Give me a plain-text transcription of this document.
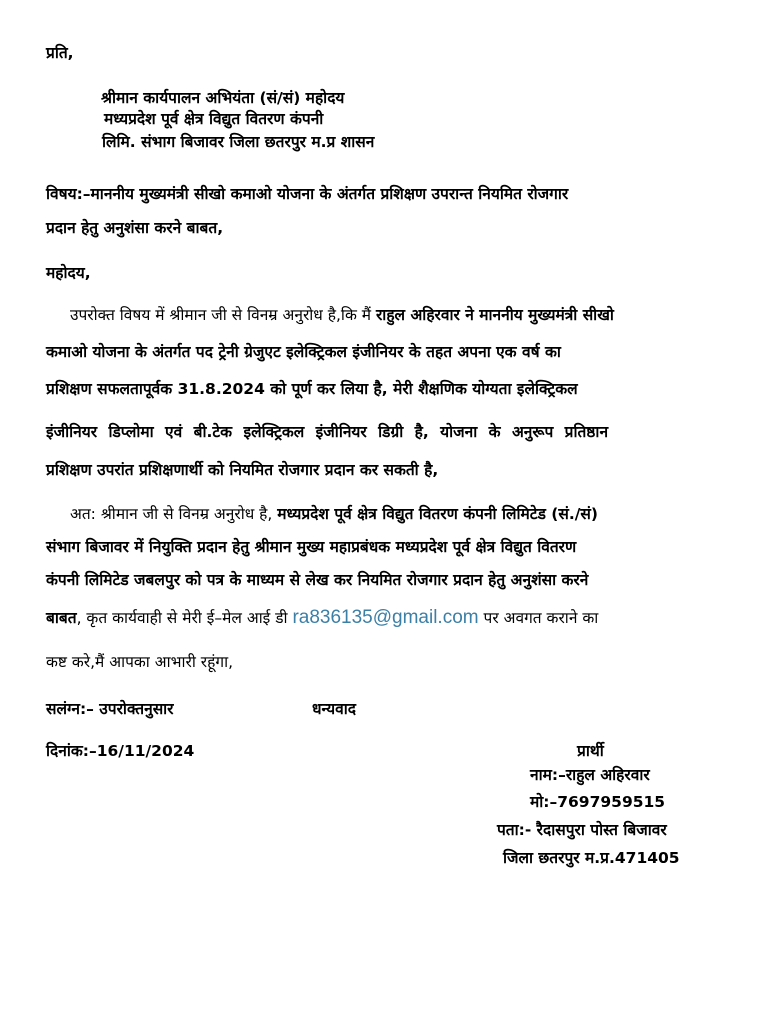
प्रति,
श्रीमान कार्यपालन अभियंता (सं/सं) महोदय
मध्यप्रदेश पूर्व क्षेत्र विद्युत वितरण कंपनी
लिमि. संभाग बिजावर जिला छतरपुर म.प्र शासन
विषय:–माननीय मुख्यमंत्री सीखो कमाओ योजना के अंतर्गत प्रशिक्षण उपरान्त नियमित रोजगार
प्रदान हेतु अनुशंसा करने बाबत,
महोदय,
उपरोक्त विषय में श्रीमान जी से विनम्र अनुरोध है,कि मैं राहुल अहिरवार ने माननीय मुख्यमंत्री सीखो
कमाओ योजना के अंतर्गत पद ट्रेनी ग्रेजुएट इलेक्ट्रिकल इंजीनियर के तहत अपना एक वर्ष का
प्रशिक्षण सफलतापूर्वक 31.8.2024 को पूर्ण कर लिया है, मेरी शैक्षणिक योग्यता इलेक्ट्रिकल
इंजीनियर डिप्लोमा एवं बी.टेक इलेक्ट्रिकल इंजीनियर डिग्री है, योजना के अनुरूप प्रतिष्ठान
प्रशिक्षण उपरांत प्रशिक्षणार्थी को नियमित रोजगार प्रदान कर सकती है,
अत: श्रीमान जी से विनम्र अनुरोध है, मध्यप्रदेश पूर्व क्षेत्र विद्युत वितरण कंपनी लिमिटेड (सं./सं)
संभाग बिजावर में नियुक्ति प्रदान हेतु श्रीमान मुख्य महाप्रबंधक मध्यप्रदेश पूर्व क्षेत्र विद्युत वितरण
कंपनी लिमिटेड जबलपुर को पत्र के माध्यम से लेख कर नियमित रोजगार प्रदान हेतु अनुशंसा करने
बाबत, कृत कार्यवाही से मेरी ई–मेल आई डी ra836135@gmail.com पर अवगत कराने का
कष्ट करे,मैं आपका आभारी रहूंगा,
सलंग्न:– उपरोक्तनुसार	धन्यवाद
दिनांक:–16/11/2024	प्रार्थी
नाम:–राहुल अहिरवार
मो:–7697959515
पता:- रैदासपुरा पोस्त बिजावर
जिला छतरपुर म.प्र.471405
